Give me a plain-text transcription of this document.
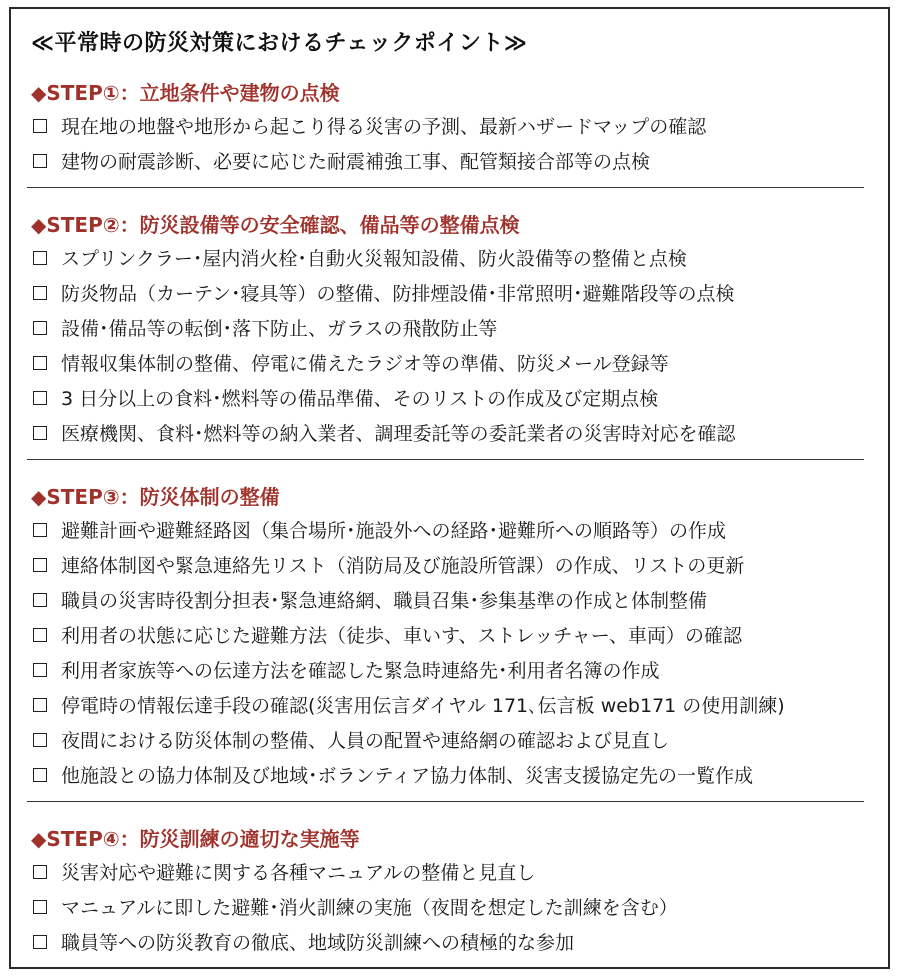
≪平常時の防災対策におけるチェックポイント≫
◆STEP①：立地条件や建物の点検
現在地の地盤や地形から起こり得る災害の予測、最新ハザードマップの確認
建物の耐震診断、必要に応じた耐震補強工事、配管類接合部等の点検
◆STEP②：防災設備等の安全確認、備品等の整備点検
スプリンクラー･屋内消火栓･自動火災報知設備、防火設備等の整備と点検
防炎物品（カーテン･寝具等）の整備、防排煙設備･非常照明･避難階段等の点検
設備･備品等の転倒･落下防止、ガラスの飛散防止等
情報収集体制の整備、停電に備えたラジオ等の準備、防災メール登録等
3 日分以上の食料･燃料等の備品準備、そのリストの作成及び定期点検
医療機関、食料･燃料等の納入業者、調理委託等の委託業者の災害時対応を確認
◆STEP③：防災体制の整備
避難計画や避難経路図（集合場所･施設外への経路･避難所への順路等）の作成
連絡体制図や緊急連絡先リスト（消防局及び施設所管課）の作成、リストの更新
職員の災害時役割分担表･緊急連絡網、職員召集･参集基準の作成と体制整備
利用者の状態に応じた避難方法（徒歩、車いす、ストレッチャー、車両）の確認
利用者家族等への伝達方法を確認した緊急時連絡先･利用者名簿の作成
停電時の情報伝達手段の確認(災害用伝言ダイヤル 171､伝言板 web171 の使用訓練)
夜間における防災体制の整備、人員の配置や連絡網の確認および見直し
他施設との協力体制及び地域･ボランティア協力体制、災害支援協定先の一覧作成
◆STEP④：防災訓練の適切な実施等
災害対応や避難に関する各種マニュアルの整備と見直し
マニュアルに即した避難･消火訓練の実施（夜間を想定した訓練を含む）
職員等への防災教育の徹底、地域防災訓練への積極的な参加
